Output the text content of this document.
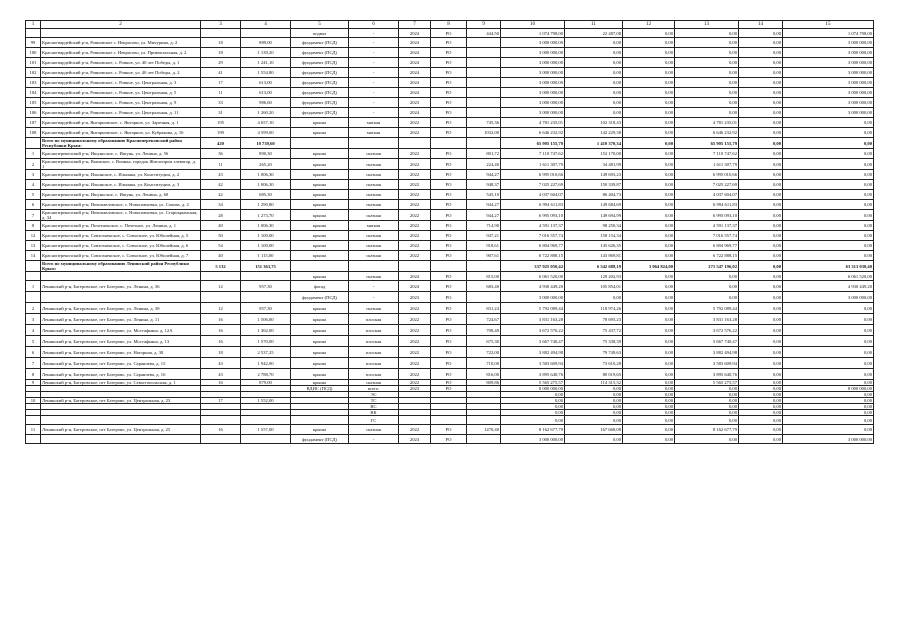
1	2	3	4	5	6	7	8	9	10	11	12	13	14	15
				подвал	-	2024	РО	444,50	1 074 798,00	22 487,08	0,00	0,00	0,00	1 074 798,00
99	Красногвардейский р-н, Ровновское с. Некрасово, ул. Мичурина, д. 2	18	889,00	фундамент (ПСД)	-	2024	РО		3 000 000,00	0,00	0,00	0,00	0,00	3 000 000,00
100	Красногвардейский р-н, Ровновское с. Некрасово, ул. Привокзальная, д. 2	18	1 139,20	фундамент (ПСД)	-	2024	РО		3 000 000,00	0,00	0,00	0,00	0,00	3 000 000,00
101	Красногвардейский р-н, Ровновское, с. Ровное, ул. 40 лет Победы, д. 1	29	1 241,10	фундамент (ПСД)	-	2024	РО		3 000 000,00	0,00	0,00	0,00	0,00	3 000 000,00
102	Красногвардейский р-н, Ровновское, с. Ровное, ул. 40 лет Победы, д. 2	41	1 554,80	фундамент (ПСД)	-	2024	РО		3 000 000,00	0,00	0,00	0,00	0,00	3 000 000,00
103	Красногвардейский р-н, Ровновское, с. Ровное, ул. Центральная, д. 3	17	613,00	фундамент (ПСД)	-	2024	РО		3 000 000,00	0,00	0,00	0,00	0,00	3 000 000,00
104	Красногвардейский р-н, Ровновское, с. Ровное, ул. Центральная, д. 5	11	613,00	фундамент (ПСД)	-	2024	РО		3 000 000,00	0,00	0,00	0,00	0,00	3 000 000,00
105	Красногвардейский р-н, Ровновское, с. Ровное, ул. Центральная, д. 9	33	986,60	фундамент (ПСД)	-	2023	РО		3 000 000,00	0,00	0,00	0,00	0,00	3 000 000,00
106	Красногвардейский р-н, Ровновское, с. Ровное, ул. Центральная, д. 11	31	1 260,20	фундамент (ПСД)	-	2024	РО		3 000 000,00	0,00	0,00	0,00	0,00	3 000 000,00
107	Красногвардейский р-н, Янтарновское, с. Янтарное, ул. Заречная, д. 1	195	4 657,10	крыша	мягкая	2022	РО	745,36	4 781 235,01	102 318,43	0,00	4 781 235,01	0,00	0,00
108	Красногвардейский р-н, Янтарновское, с. Янтарное, ул. Кубракова, д. 16	199	4 599,00	крыша	мягкая	2022	РО	1032,00	6 646 232,92	142 229,38	0,00	6 646 232,92	0,00	0,00
	Всего по муниципальному образованию Красноперекопский район Республики Крым:	420	10 739,60						65 905 155,79	1 410 370,34	0,00	65 905 155,79	0,00	0,00
1	Красноперекопский р-н, Ишуньское, с. Ишунь, ул. Ленина, д. 56	36	890,30	крыша	скатная	2022	РО	801,72	7 110 747,62	152 170,00	0,00	7 110 747,62	0,00	0,00
2	Красноперекопский р-н, Воинское, с. Воинка, городок Житлопром элеватор, д. 1	11	265,20	крыша	скатная	2022	РО	224,40	1 611 307,79	34 481,99	0,00	1 611 307,79	0,00	0,00
3	Красноперекопский р-н, Ильинское, с. Ильинка, ул. Конституции, д. 2	43	1 006,30	крыша	скатная	2022	РО	944,27	6 995 010,66	149 693,23	0,00	6 995 010,66	0,00	0,00
4	Красноперекопский р-н, Ильинское, с. Ильинка, ул. Конституции, д. 3	42	1 006,30	крыша	скатная	2022	РО	948,37	7 025 227,69	150 339,87	0,00	7 025 227,69	0,00	0,00
5	Красноперекопский р-н, Ишуньское, с. Ишунь, ул. Ленина, д. 60	42	685,30	крыша	скатная	2022	РО	545,10	4 037 604,07	86 404,73	0,00	4 037 604,07	0,00	0,00
6	Красноперекопский р-н, Новопавловское, с. Новопавловка, ул. Сокова, д. 2	34	1 290,80	крыша	скатная	2022	РО	944,27	6 994 611,83	149 684,69	0,00	6 994 611,83	0,00	0,00
7	Красноперекопский р-н, Новопавловское, с. Новопавловка, ул. Старокрымская, д. 34	28	1 273,70	крыша	скатная	2022	РО	944,27	6 995 093,10	149 694,99	0,00	6 995 093,10	0,00	0,00
8	Красноперекопский р-н, Почетненское, с. Почетное, ул. Ленина, д. 1	40	1 006,30	крыша	мягкая	2022	РО	714,90	4 591 137,37	98 250,34	0,00	4 591 137,37	0,00	0,00
12	Красноперекопский р-н, Совхозненское, с. Совхозное, ул. Юбилейная, д. 5	50	1 100,00	крыша	скатная	2022	РО	947,21	7 016 557,74	150 154,34	0,00	7 016 557,74	0,00	0,00
13	Красноперекопский р-н, Совхозненское, с. Совхозное, ул. Юбилейная, д. 6	54	1 100,00	крыша	скатная	2022	РО	918,61	6 804 969,77	145 626,35	0,00	6 804 969,77	0,00	0,00
14	Красноперекопский р-н, Совхозненское, с. Совхозное, ул. Юбилейная, д. 7	40	1 115,00	крыша	скатная	2022	РО	907,61	6 722 888,15	143 869,81	0,00	6 722 888,15	0,00	0,00
	Всего по муниципальному образованию Ленинский район Республики Крым:	5 132	151 363,75						337 925 050,42	6 542 688,19	3 064 824,00	271 547 196,02	0,00	63 313 030,40
				крыша	скатная	2024	РО	815,00	6 061 520,00	129 202,93	0,00	0,00	0,00	6 061 520,00
1	Ленинский р-н, Багеровское, пгт Багерово, ул. Ленина, д. 36	12	957,30	фасад	-	2024	РО	683,40	4 930 449,20	105 854,01	0,00	0,00	0,00	4 930 449,20
				фундамент (ПСД)	-	2023	РО		3 000 000,00	0,00	0,00	0,00	0,00	3 000 000,00
2	Ленинский р-н, Багеровское, пгт Багерово, ул. Ленина, д. 38	12	957,30	крыша	скатная	2022	РО	831,24	5 792 089,44	118 974,26	0,00	5 792 089,44	0,00	0,00
3	Ленинский р-н, Багеровское, пгт Багерово, ул. Ленина, д. 11	16	1 506,00	крыша	плоская	2022	РО	724,67	3 831 163,28	78 695,23	0,00	3 831 163,28	0,00	0,00
4	Ленинский р-н, Багеровское, пгт Багерово, ул. Мостафьяна, д. 12А	16	1 362,00	крыша	плоская	2022	РО	708,40	3 672 576,22	75 437,72	0,00	3 672 576,22	0,00	0,00
5	Ленинский р-н, Багеровское, пгт Багерово, ул. Мостафьяна, д. 13	16	1 570,00	крыша	плоская	2022	РО	675,30	3 667 740,47	75 338,39	0,00	3 667 740,47	0,00	0,00
6	Ленинский р-н, Багеровское, пгт Багерово, ул. Нагорная, д. 38	18	2 537,25	крыша	плоская	2022	РО	722,00	3 882 494,98	79 749,63	0,00	3 882 494,98	0,00	0,00
7	Ленинский р-н, Багеровское, пгт Багерово, ул. Саранчева, д. 15	43	1 942,00	крыша	плоская	2022	РО	710,00	3 583 609,94	73 610,28	0,00	3 583 609,94	0,00	0,00
8	Ленинский р-н, Багеровское, пгт Багерово, ул. Саранчева, д. 16	43	2 788,70	крыша	плоская	2022	РО	816,00	3 895 640,76	80 019,65	0,00	3 895 640,76	0,00	0,00
9	Ленинский р-н, Багеровское, пгт Багерово, ул. Севастопольская, д. 1	16	879,00	крыша	скатная	2022	РО	809,86	5 565 275,57	114 315,32	0,00	5 565 275,57	0,00	0,00
				ВДИС (ПСД)	всего:	2023	РО		8 000 000,00	0,00	0,00	0,00	0,00	8 000 000,00
					ЭС				0,00	0,00	0,00	0,00	0,00	0,00
10	Ленинский р-н, Багеровское, пгт Багерово, ул. Центральная, д. 23	17	1 552,00		ТС				0,00	0,00	0,00	0,00	0,00	0,00
					ВС				0,00	0,00	0,00	0,00	0,00	0,00
					ВК				0,00	0,00	0,00	0,00	0,00	0,00
					ГС				0,00	0,00	0,00	0,00	0,00	0,00
11	Ленинский р-н, Багеровское, пгт Багерово, ул. Центральная, д. 25	16	1 557,00	крыша	скатная	2022	РО	1470,40	8 162 677,79	167 668,08	0,00	8 162 677,79	0,00	0,00
				фундамент (ПСД)	-	2024	РО		3 000 000,00	0,00	0,00	0,00	0,00	3 000 000,00
